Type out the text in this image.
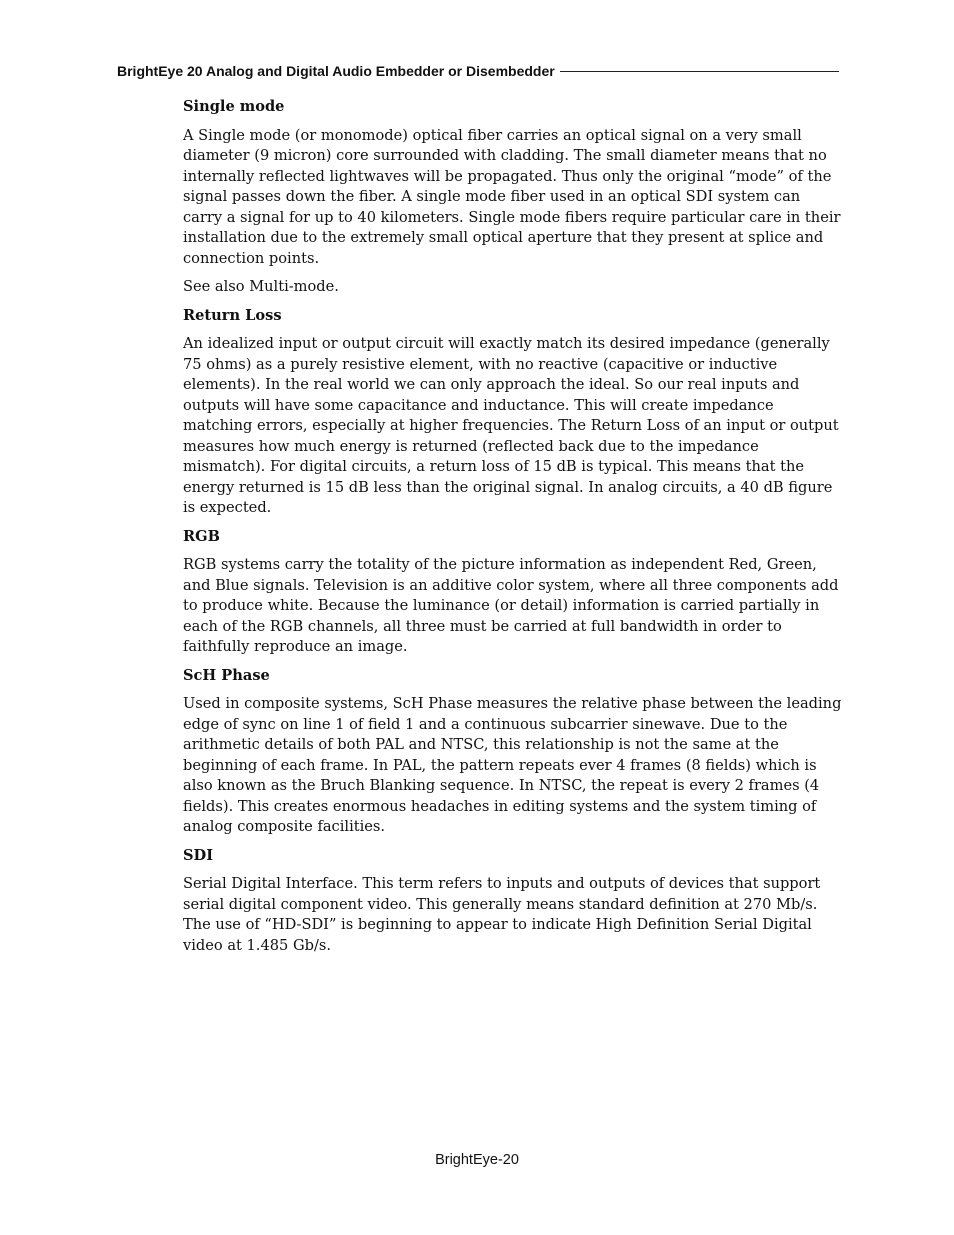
BrightEye 20 Analog and Digital Audio Embedder or Disembedder

Single mode

A Single mode (or monomode) optical fiber carries an optical signal on a very small diameter (9 micron) core surrounded with cladding. The small diameter means that no internally reflected lightwaves will be propagated. Thus only the original “mode” of the signal passes down the fiber. A single mode fiber used in an optical SDI system can carry a signal for up to 40 kilometers. Single mode fibers require particular care in their installation due to the extremely small optical aperture that they present at splice and connection points.

See also Multi-mode.

Return Loss

An idealized input or output circuit will exactly match its desired impedance (generally 75 ohms) as a purely resistive element, with no reactive (capacitive or inductive elements). In the real world we can only approach the ideal. So our real inputs and outputs will have some capacitance and inductance. This will create impedance matching errors, especially at higher frequencies. The Return Loss of an input or output measures how much energy is returned (reflected back due to the impedance mismatch). For digital circuits, a return loss of 15 dB is typical. This means that the energy returned is 15 dB less than the original signal. In analog circuits, a 40 dB figure is expected.

RGB

RGB systems carry the totality of the picture information as independent Red, Green, and Blue signals. Television is an additive color system, where all three components add to produce white. Because the luminance (or detail) information is carried partially in each of the RGB channels, all three must be carried at full bandwidth in order to faithfully reproduce an image.

ScH Phase

Used in composite systems, ScH Phase measures the relative phase between the leading edge of sync on line 1 of field 1 and a continuous subcarrier sinewave. Due to the arithmetic details of both PAL and NTSC, this relationship is not the same at the beginning of each frame. In PAL, the pattern repeats ever 4 frames (8 fields) which is also known as the Bruch Blanking sequence. In NTSC, the repeat is every 2 frames (4 fields). This creates enormous headaches in editing systems and the system timing of analog composite facilities.

SDI

Serial Digital Interface. This term refers to inputs and outputs of devices that support serial digital component video. This generally means standard definition at 270 Mb/s. The use of “HD-SDI” is beginning to appear to indicate High Definition Serial Digital video at 1.485 Gb/s.

BrightEye-20
